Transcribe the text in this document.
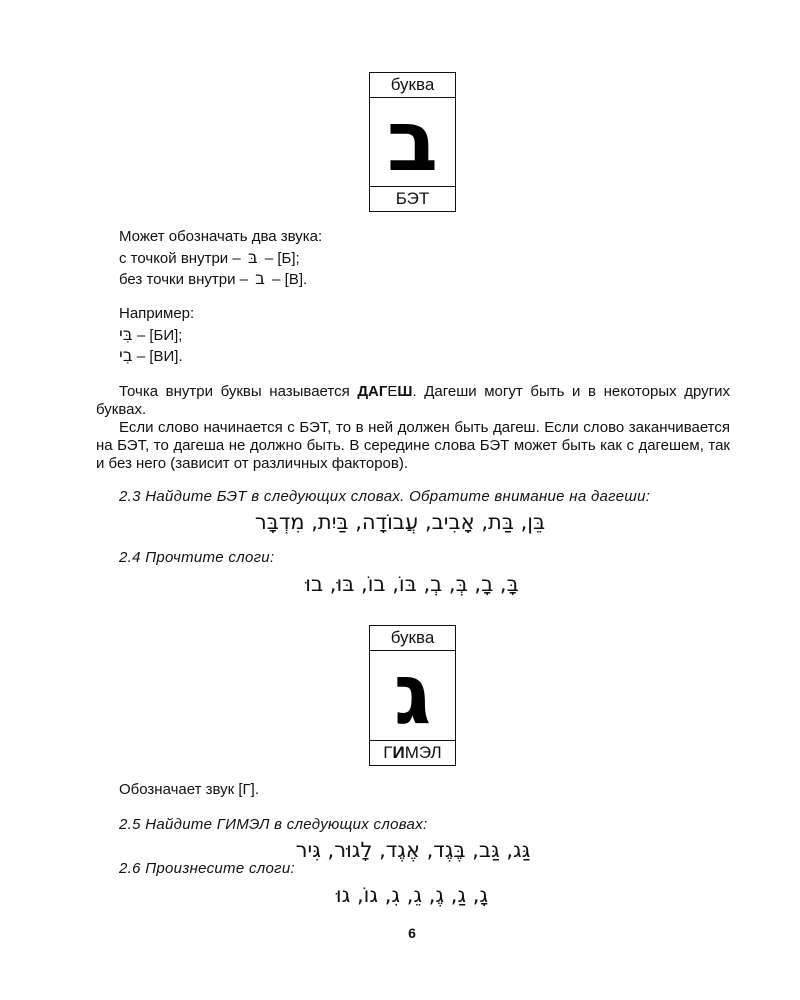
буква
ב
БЭТ
Может обозначать два звука:
с точкой внутри – בּ – [Б];
без точки внутри – ב – [В].
Например:
בִּי – [БИ];
בִי – [ВИ].

Точка внутри буквы называется ДАГЕШ. Дагеши могут быть и в некоторых других буквах.

Если слово начинается с БЭТ, то в ней должен быть дагеш. Если слово заканчивается на БЭТ, то дагеша не должно быть. В середине слова БЭТ может быть как с дагешем, так и без него (зависит от различных факторов).

2.3 Найдите БЭТ в следующих словах. Обратите внимание на дагеши:
בֵּן, בַּת, אָבִיב, עֲבוֹדָה, בַּיִת, מִדְבָּר
2.4 Прочтите слоги:
בָּ, בָ, בְּ, בְ, בּוֹ, בוֹ, בּוּ, בוּ
буква
ג
ГИМЭЛ
Обозначает звук [Г].
2.5 Найдите ГИМЭЛ в следующих словах:
גַּג, גַּב, בֶּגֶד, אֶגֶד, לָגוּר, גִּיר
2.6 Произнесите слоги:
גָ, גַ, גֶ, גֵ, גִ, גוֹ, גוּ
6
